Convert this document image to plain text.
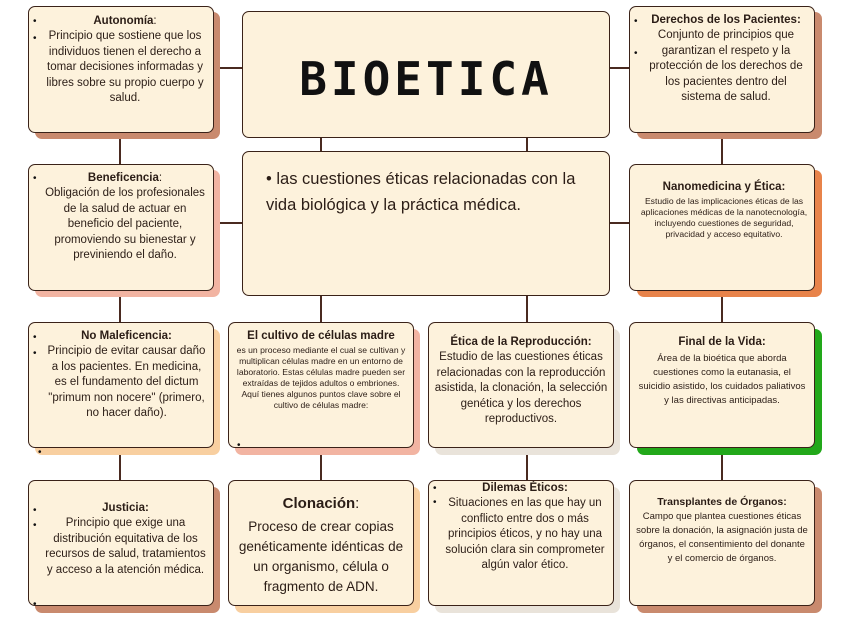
•
•
Autonomía:
Principio que sostiene que los individuos tienen el derecho a tomar decisiones informadas y libres sobre su propio cuerpo y salud.	BIOETICA
•
•
Derechos de los Pacientes:
Conjunto de principios que garantizan el respeto y la protección de los derechos de los pacientes dentro del sistema de salud.
•	Beneficencia:
Obligación de los profesionales de la salud de actuar en beneficio del paciente, promoviendo su bienestar y previniendo el daño.
• las cuestiones éticas relacionadas con la vida biológica y la práctica médica.
Nanomedicina y Ética:
Estudio de las implicaciones éticas de las aplicaciones médicas de la nanotecnología, incluyendo cuestiones de seguridad, privacidad y acceso equitativo.
•
•
No Maleficencia:
Principio de evitar causar daño a los pacientes. En medicina, es el fundamento del dictum "primum non nocere" (primero, no hacer daño).
•
El cultivo de células madre
es un proceso mediante el cual se cultivan y multiplican células madre en un entorno de laboratorio. Estas células madre pueden ser extraídas de tejidos adultos o embriones. Aquí tienes algunos puntos clave sobre el cultivo de células madre:
•
Ética de la Reproducción:
Estudio de las cuestiones éticas relacionadas con la reproducción asistida, la clonación, la selección genética y los derechos reproductivos.
Final de la Vida:
Área de la bioética que aborda cuestiones como la eutanasia, el suicidio asistido, los cuidados paliativos y las directivas anticipadas.
•
•
•
Justicia:
Principio que exige una distribución equitativa de los recursos de salud, tratamientos y acceso a la atención médica.
Clonación:
Proceso de crear copias genéticamente idénticas de un organismo, célula o fragmento de ADN.
•
•
Dilemas Éticos:
Situaciones en las que hay un conflicto entre dos o más principios éticos, y no hay una solución clara sin comprometer algún valor ético.
Transplantes de Órganos:
Campo que plantea cuestiones éticas sobre la donación, la asignación justa de órganos, el consentimiento del donante y el comercio de órganos.
